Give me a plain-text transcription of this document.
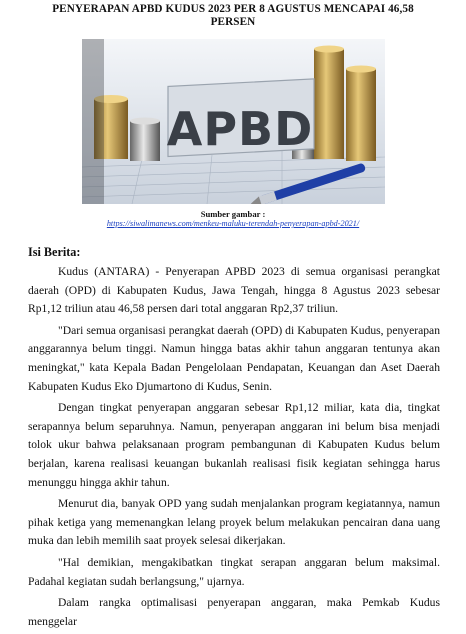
PENYERAPAN APBD KUDUS 2023 PER 8 AGUSTUS MENCAPAI 46,58 PERSEN
APBD
Sumber gambar :
https://siwalimanews.com/menkeu-maluku-terendah-penyerapan-apbd-2021/
Isi Berita:

Kudus (ANTARA) - Penyerapan APBD 2023 di semua organisasi perangkat daerah (OPD) di Kabupaten Kudus, Jawa Tengah, hingga 8 Agustus 2023 sebesar Rp1,12 triliun atau 46,58 persen dari total anggaran Rp2,37 triliun.

"Dari semua organisasi perangkat daerah (OPD) di Kabupaten Kudus, penyerapan anggarannya belum tinggi. Namun hingga batas akhir tahun anggaran tentunya akan meningkat," kata Kepala Badan Pengelolaan Pendapatan, Keuangan dan Aset Daerah Kabupaten Kudus Eko Djumartono di Kudus, Senin.

Dengan tingkat penyerapan anggaran sebesar Rp1,12 miliar, kata dia, tingkat serapannya belum separuhnya. Namun, penyerapan anggaran ini belum bisa menjadi tolok ukur bahwa pelaksanaan program pembangunan di Kabupaten Kudus belum berjalan, karena realisasi keuangan bukanlah realisasi fisik kegiatan sehingga harus menunggu hingga akhir tahun.

Menurut dia, banyak OPD yang sudah menjalankan program kegiatannya, namun pihak ketiga yang memenangkan lelang proyek belum melakukan pencairan dana uang muka dan lebih memilih saat proyek selesai dikerjakan.

"Hal demikian, mengakibatkan tingkat serapan anggaran belum maksimal. Padahal kegiatan sudah berlangsung," ujarnya.

Dalam rangka optimalisasi penyerapan anggaran, maka Pemkab Kudus menggelar
